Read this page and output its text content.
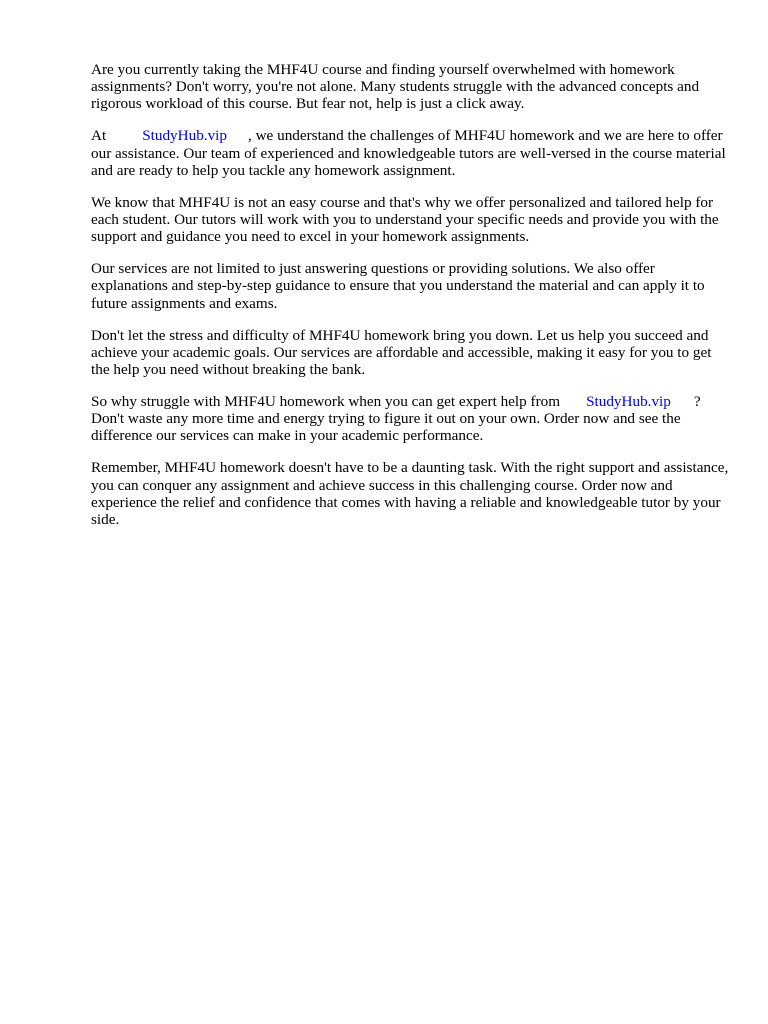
Are you currently taking the MHF4U course and finding yourself overwhelmed with homework assignments? Don't worry, you're not alone. Many students struggle with the advanced concepts and rigorous workload of this course. But fear not, help is just a click away.

At StudyHub.vip , we understand the challenges of MHF4U homework and we are here to offer our assistance. Our team of experienced and knowledgeable tutors are well-versed in the course material and are ready to help you tackle any homework assignment.

We know that MHF4U is not an easy course and that's why we offer personalized and tailored help for each student. Our tutors will work with you to understand your specific needs and provide you with the support and guidance you need to excel in your homework assignments.

Our services are not limited to just answering questions or providing solutions. We also offer explanations and step-by-step guidance to ensure that you understand the material and can apply it to future assignments and exams.

Don't let the stress and difficulty of MHF4U homework bring you down. Let us help you succeed and achieve your academic goals. Our services are affordable and accessible, making it easy for you to get the help you need without breaking the bank.

So why struggle with MHF4U homework when you can get expert help from StudyHub.vip ? Don't waste any more time and energy trying to figure it out on your own. Order now and see the difference our services can make in your academic performance.

Remember, MHF4U homework doesn't have to be a daunting task. With the right support and assistance, you can conquer any assignment and achieve success in this challenging course. Order now and experience the relief and confidence that comes with having a reliable and knowledgeable tutor by your side.
